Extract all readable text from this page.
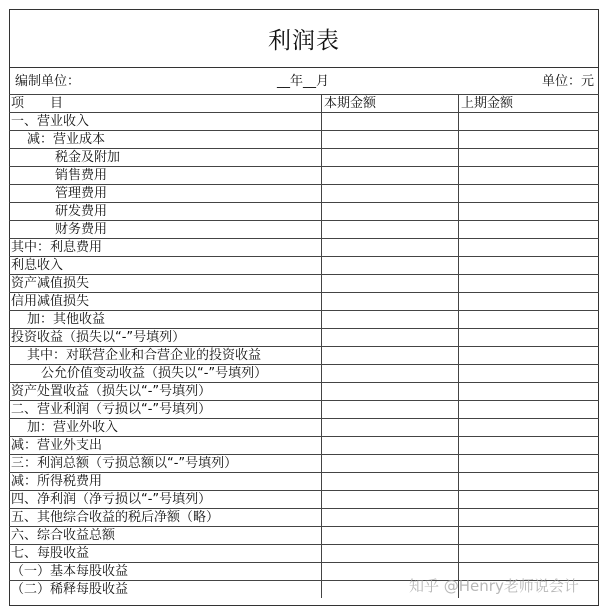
利润表
编制单位：	__年__月	单位：元
项　　目	本期金额	上期金额
一、营业收入
减：营业成本
税金及附加
销售费用
管理费用
研发费用
财务费用
其中：利息费用
利息收入
资产减值损失
信用减值损失
加：其他收益
投资收益（损失以“-”号填列）
其中：对联营企业和合营企业的投资收益
公允价值变动收益（损失以“-”号填列）
资产处置收益（损失以“-”号填列）
二、营业利润（亏损以“-”号填列）
加：营业外收入
减：营业外支出
三：利润总额（亏损总额以“-”号填列）
减：所得税费用
四、净利润（净亏损以“-”号填列）
五、其他综合收益的税后净额（略）
六、综合收益总额
七、每股收益
（一）基本每股收益
（二）稀释每股收益	知乎 @Henry老师说会计
